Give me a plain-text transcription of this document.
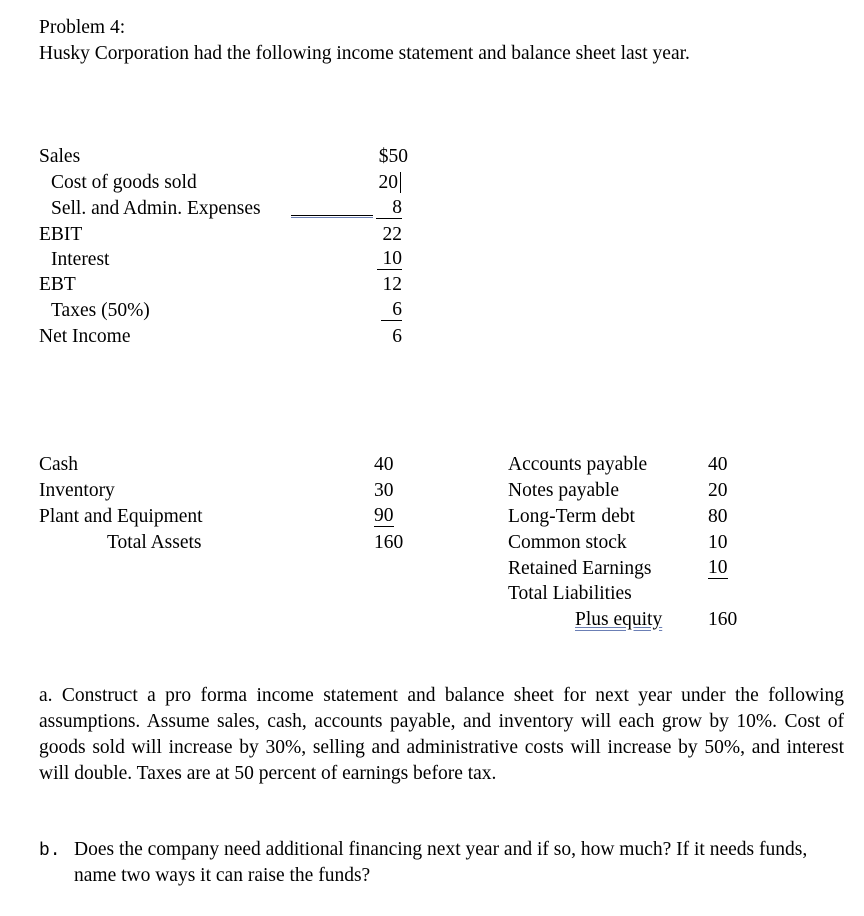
Problem 4:
Husky Corporation had the following income statement and balance sheet last year.
Sales	$50
Cost of goods sold	20
Sell. and Admin. Expenses	8
EBIT	22
Interest	10
EBT	12
Taxes (50%)	6
Net Income	6
Cash	40
Inventory	30
Plant and Equipment	90
Total Assets	160
Accounts payable	40
Notes payable	20
Long-Term debt	80
Common stock	10
Retained Earnings	10
Total Liabilities
Plus equity 160
a. Construct a pro forma income statement and balance sheet for next year under the following assumptions. Assume sales, cash, accounts payable, and inventory will each grow by 10%. Cost of goods sold will increase by 30%, selling and administrative costs will increase by 50%, and interest will double. Taxes are at 50 percent of earnings before tax.
b. Does the company need additional financing next year and if so, how much? If it needs funds, name two ways it can raise the funds?
